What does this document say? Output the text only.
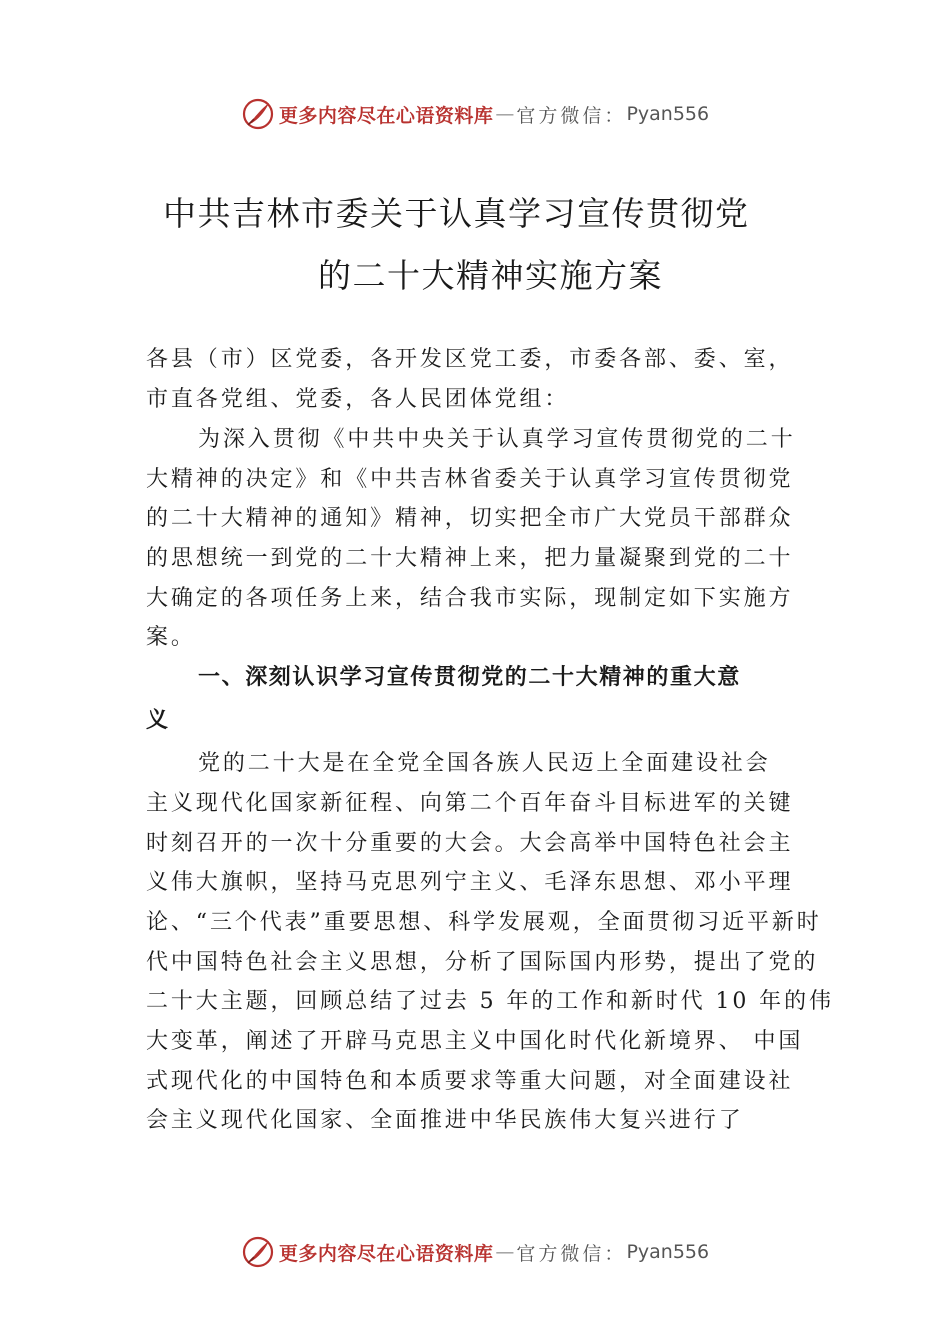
更多内容尽在心语资料库 — 官方微信： Pyan556
中共吉林市委关于认真学习宣传贯彻党
的二十大精神实施方案
各县（市）区党委，各开发区党工委，市委各部、委、室，
市直各党组、党委，各人民团体党组：
为深入贯彻《中共中央关于认真学习宣传贯彻党的二十
大精神的决定》和《中共吉林省委关于认真学习宣传贯彻党
的二十大精神的通知》精神，切实把全市广大党员干部群众
的思想统一到党的二十大精神上来，把力量凝聚到党的二十
大确定的各项任务上来，结合我市实际，现制定如下实施方
案。
一、深刻认识学习宣传贯彻党的二十大精神的重大意
义
党的二十大是在全党全国各族人民迈上全面建设社会
主义现代化国家新征程、向第二个百年奋斗目标进军的关键
时刻召开的一次十分重要的大会。大会高举中国特色社会主
义伟大旗帜，坚持马克思列宁主义、毛泽东思想、邓小平理
论、“三个代表”重要思想、科学发展观，全面贯彻习近平新时
代中国特色社会主义思想，分析了国际国内形势，提出了党的
二十大主题，回顾总结了过去 5 年的工作和新时代 10 年的伟
大变革，阐述了开辟马克思主义中国化时代化新境界、 中国
式现代化的中国特色和本质要求等重大问题，对全面建设社
会主义现代化国家、全面推进中华民族伟大复兴进行了
更多内容尽在心语资料库 — 官方微信： Pyan556
